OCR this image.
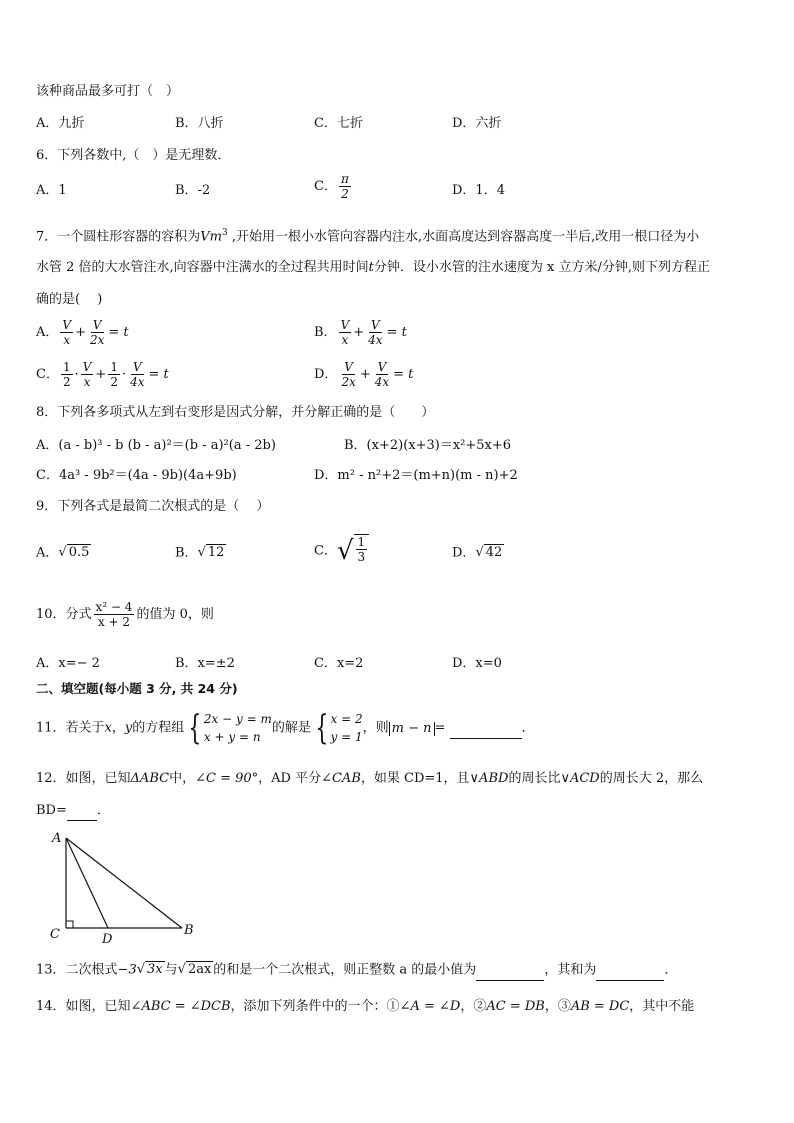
该种商品最多可打（　）
A．九折	B．八折	C．七折	D．六折
6．下列各数中,（　）是无理数．
A．1	B．-2	C． $\frac{\pi}{2}$	D．1．4
7．一个圆柱形容器的容积为Vm$^3$ ,开始用一根小水管向容器内注水,水面高度达到容器高度一半后,改用一根口径为小
水管 2 倍的大水管注水,向容器中注满水的全过程共用时间t分钟．设小水管的注水速度为 x 立方米/分钟,则下列方程正
确的是(　 )
A． $\frac{V}{x} + \frac{V}{2x} = t$	B． $\frac{V}{x} + \frac{V}{4x} = t$
C． $\frac{1}{2} \cdot \frac{V}{x} + \frac{1}{2} \cdot \frac{V}{4x} = t$	D． $\frac{V}{2x} + \frac{V}{4x} = t$
8．下列各多项式从左到右变形是因式分解，并分解正确的是（　　）
A．(a - b)³ - b (b - a)²＝(b - a)²(a - 2b)	B．(x+2)(x+3)＝x²+5x+6
C．4a³ - 9b²＝(4a - 9b)(4a+9b)	D．m² - n²+2＝(m+n)(m - n)+2
9．下列各式是最简二次根式的是（　 ）
A． √ 0.5	B． √ 12	C． √ $\frac{1}{3}$	D． √ 42
10．分式 $\frac{\text{x² − 4}}{x + 2}$ 的值为 0，则
A．x=− 2	B．x=±2	C．x=2	D．x=0
二、填空题(每小题 3 分, 共 24 分)
11．若关于x，y的方程组 { 2x − y = m
x + y = n
的解是 { x = 2
y = 1
，则 m − n =	．
12．如图，已知ΔABC中，∠C = 90°，AD 平分∠CAB，如果 CD=1，且∨ABD的周长比∨ACD的周长大 2，那么
BD= ．
A
C	D
B
13．二次根式−3 √ 3x 与 √ 2ax 的和是一个二次根式，则正整数 a 的最小值为	，其和为	．
14．如图，已知∠ABC = ∠DCB，添加下列条件中的一个：①∠A = ∠D，②AC = DB，③AB = DC，其中不能
